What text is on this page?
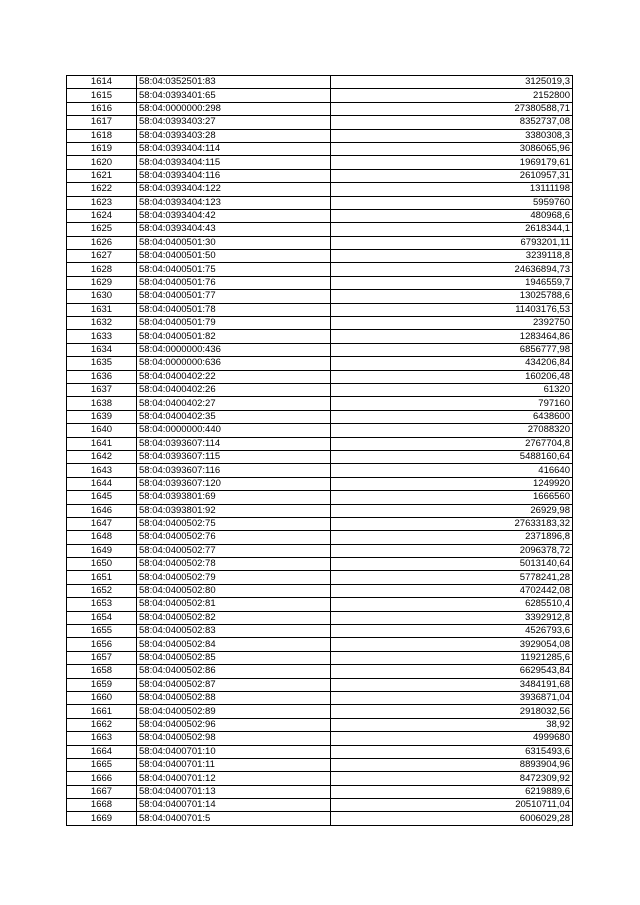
1614	58:04:0352501:83	3125019,3
1615	58:04:0393401:65	2152800
1616	58:04:0000000:298	27380588,71
1617	58:04:0393403:27	8352737,08
1618	58:04:0393403:28	3380308,3
1619	58:04:0393404:114	3086065,96
1620	58:04:0393404:115	1969179,61
1621	58:04:0393404:116	2610957,31
1622	58:04:0393404:122	13111198
1623	58:04:0393404:123	5959760
1624	58:04:0393404:42	480968,6
1625	58:04:0393404:43	2618344,1
1626	58:04:0400501:30	6793201,11
1627	58:04:0400501:50	3239118,8
1628	58:04:0400501:75	24636894,73
1629	58:04:0400501:76	1946559,7
1630	58:04:0400501:77	13025788,6
1631	58:04:0400501:78	11403176,53
1632	58:04:0400501:79	2392750
1633	58:04:0400501:82	1283464,86
1634	58:04:0000000:436	6856777,98
1635	58:04:0000000:636	434206,84
1636	58:04:0400402:22	160206,48
1637	58:04:0400402:26	61320
1638	58:04:0400402:27	797160
1639	58:04:0400402:35	6438600
1640	58:04:0000000:440	27088320
1641	58:04:0393607:114	2767704,8
1642	58:04:0393607:115	5488160,64
1643	58:04:0393607:116	416640
1644	58:04:0393607:120	1249920
1645	58:04:0393801:69	1666560
1646	58:04:0393801:92	26929,98
1647	58:04:0400502:75	27633183,32
1648	58:04:0400502:76	2371896,8
1649	58:04:0400502:77	2096378,72
1650	58:04:0400502:78	5013140,64
1651	58:04:0400502:79	5778241,28
1652	58:04:0400502:80	4702442,08
1653	58:04:0400502:81	6285510,4
1654	58:04:0400502:82	3392912,8
1655	58:04:0400502:83	4526793,6
1656	58:04:0400502:84	3929054,08
1657	58:04:0400502:85	11921285,6
1658	58:04:0400502:86	6629543,84
1659	58:04:0400502:87	3484191,68
1660	58:04:0400502:88	3936871,04
1661	58:04:0400502:89	2918032,56
1662	58:04:0400502:96	38,92
1663	58:04:0400502:98	4999680
1664	58:04:0400701:10	6315493,6
1665	58:04:0400701:11	8893904,96
1666	58:04:0400701:12	8472309,92
1667	58:04:0400701:13	6219889,6
1668	58:04:0400701:14	20510711,04
1669	58:04:0400701:5	6006029,28
